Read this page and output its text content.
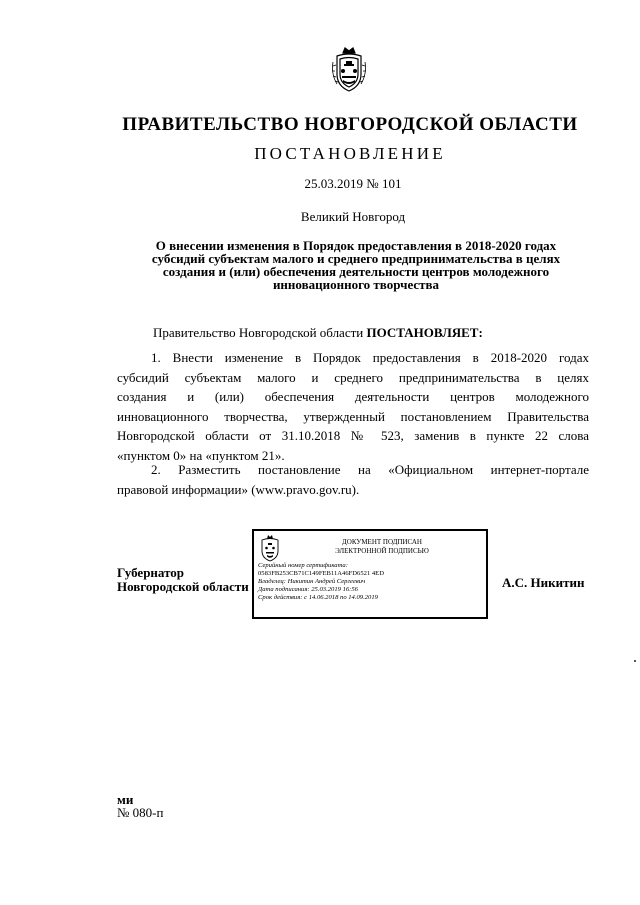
ПРАВИТЕЛЬСТВО НОВГОРОДСКОЙ ОБЛАСТИ
ПОСТАНОВЛЕНИЕ
25.03.2019 № 101
Великий Новгород
О внесении изменения в Порядок предоставления в 2018-2020 годах
субсидий субъектам малого и среднего предпринимательства в целях
создания и (или) обеспечения деятельности центров молодежного
инновационного творчества
Правительство Новгородской области ПОСТАНОВЛЯЕТ:
1. Внести изменение в Порядок предоставления в 2018-2020 годах
субсидий субъектам малого и среднего предпринимательства в целях
создания и (или) обеспечения деятельности центров молодежного
инновационного творчества, утвержденный постановлением Правительства
Новгородской области от 31.10.2018 № 523, заменив в пункте 22 слова
«пунктом 0» на «пунктом 21».
2. Разместить постановление на «Официальном интернет-портале
правовой информации» (www.pravo.gov.ru).
Губернатор
Новгородской области
ДОКУМЕНТ ПОДПИСАН
ЭЛЕКТРОННОЙ ПОДПИСЬЮ
Серийный номер сертификата:
0583FB253CB71C149FEB11A46FD6521 4ED
Владелец: Никитин Андрей Сергеевич
Дата подписания: 25.03.2019 16:56
Срок действия: с 14.06.2018 по 14.09.2019
А.С. Никитин
ми
№ 080-п
